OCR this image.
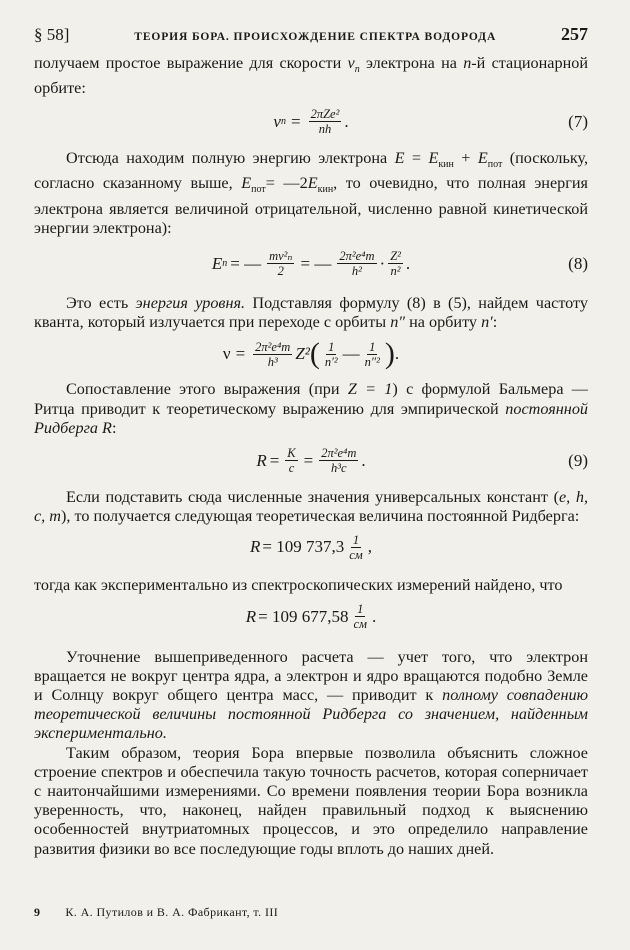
§ 58]	ТЕОРИЯ БОРА. ПРОИСХОЖДЕНИЕ СПЕКТРА ВОДОРОДА	257

получаем простое выражение для скорости $v_n$ электрона на n-й стационарной орбите:

v $n = \frac{\text{2πZe²}}{nh}$ .	(7)

Отсюда находим полную энергию электрона $E = E_{кин} + E_{пот}$ (поскольку, согласно сказанному выше, $E_{пот}=$ $—2E_{кин}$, то очевидно, что полная энергия электрона является величиной отрицательной, численно равной кинетической энергии электрона):

E n = — $\frac{\text{mv²ₙ}}{2}$ = — $\frac{\text{2π²e⁴m}}{\text{h²}} \cdot \frac{\text{Z²}}{\text{n²}}$ .	(8)

Это есть энергия уровня. Подставляя формулу (8) в (5), найдем частоту кванта, который излучается при переходе с орбиты n″ на орбиту n′:

$\nu = \frac{\text{2π²e⁴m}}{\text{h³}} Z^2$ ( $\frac{1}{\text{n′²}}$ — $\frac{1}{\text{n″²}}$ ) .

Сопоставление этого выражения (при Z = 1) с формулой Бальмера — Ритца приводит к теоретическому выражению для эмпирической постоянной Ридберга R:

$R = \frac{K}{c} = \frac{\text{2π²e⁴m}}{\text{h³c}}$ .	(9)

Если подставить сюда численные значения универсальных констант (e, h, c, m), то получается следующая теоретическая величина постоянной Ридберга:

R = 109 $737,3 \frac{1}{см}$ ,

тогда как экспериментально из спектроскопических измерений найдено, что

R = 109 $677,58 \frac{1}{см}$ .

Уточнение вышеприведенного расчета — учет того, что электрон вращается не вокруг центра ядра, а электрон и ядро вращаются подобно Земле и Солнцу вокруг общего центра масс, — приводит к полному совпадению теоретической величины постоянной Ридберга со значением, найденным экспериментально.

Таким образом, теория Бора впервые позволила объяснить сложное строение спектров и обеспечила такую точность расчетов, которая соперничает с наитончайшими измерениями. Со времени появления теории Бора возникла уверенность, что, наконец, найден правильный подход к выяснению особенностей внутриатомных процессов, и это определило направление развития физики во все последующие годы вплоть до наших дней.

9 К. А. Путилов и В. А. Фабрикант, т. III
